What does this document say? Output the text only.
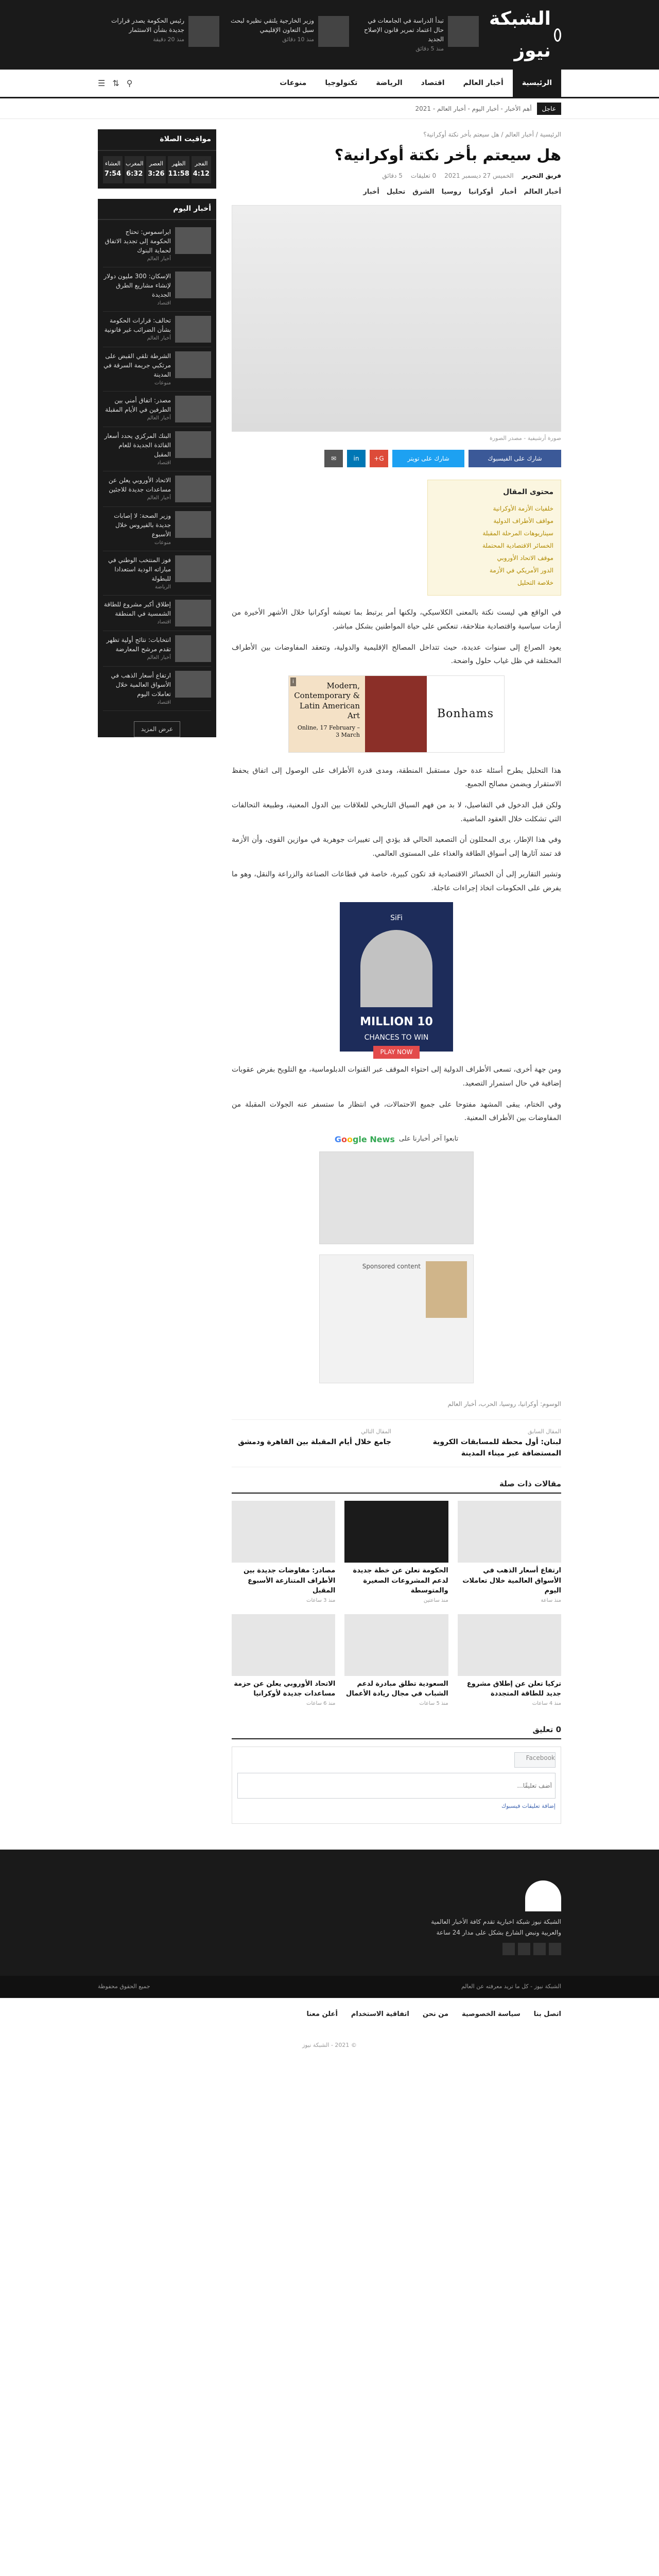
الشبكة نيوز
تبدأ الدراسة في الجامعات في حال اعتماد تمرير قانون الإصلاح الجديد
منذ 5 دقائق
وزير الخارجية يلتقي نظيره لبحث سبل التعاون الإقليمي
منذ 10 دقائق
رئيس الحكومة يصدر قرارات جديدة بشأن الاستثمار
منذ 20 دقيقة
الرئيسية
أخبار العالم
اقتصاد
الرياضة
تكنولوجيا
منوعات
⚲
⇅
☰
عاجل
أهم الأخبار - أخبار اليوم - أخبار العالم - 2021
الرئيسية / أخبار العالم / هل سيعتم بأخر نكتة أوكرانية؟
هل سيعتم بأخر نكتة أوكرانية؟
فريق التحرير
الخميس 27 ديسمبر 2021
0 تعليقات
5 دقائق
أخبار العالم
أخبار
أوكرانيا
روسيا
الشرق
تحليل
أخبار
صورة أرشيفية - مصدر الصورة
شارك على الفيسبوك
شارك على تويتر
G+
in
✉
محتوى المقال
خلفيات الأزمة الأوكرانية
مواقف الأطراف الدولية
سيناريوهات المرحلة المقبلة
الخسائر الاقتصادية المحتملة
موقف الاتحاد الأوروبي
الدور الأمريكي في الأزمة
خلاصة التحليل

في الواقع هي ليست نكتة بالمعنى الكلاسيكي، ولكنها أمر يرتبط بما تعيشه أوكرانيا خلال الأشهر الأخيرة من أزمات سياسية واقتصادية متلاحقة، تنعكس على حياة المواطنين بشكل مباشر.

يعود الصراع إلى سنوات عديدة، حيث تتداخل المصالح الإقليمية والدولية، وتتعقد المفاوضات بين الأطراف المختلفة في ظل غياب حلول واضحة.

Bonhams
Modern, Contemporary & Latin American Art
Online, 17 February – 3 March
i

هذا التحليل يطرح أسئلة عدة حول مستقبل المنطقة، ومدى قدرة الأطراف على الوصول إلى اتفاق يحفظ الاستقرار ويضمن مصالح الجميع.

ولكن قبل الدخول في التفاصيل، لا بد من فهم السياق التاريخي للعلاقات بين الدول المعنية، وطبيعة التحالفات التي تشكلت خلال العقود الماضية.

وفي هذا الإطار، يرى المحللون أن التصعيد الحالي قد يؤدي إلى تغييرات جوهرية في موازين القوى، وأن الأزمة قد تمتد آثارها إلى أسواق الطاقة والغذاء على المستوى العالمي.

وتشير التقارير إلى أن الخسائر الاقتصادية قد تكون كبيرة، خاصة في قطاعات الصناعة والزراعة والنقل، وهو ما يفرض على الحكومات اتخاذ إجراءات عاجلة.

SiFi
10 MILLION
CHANCES TO WIN
PLAY NOW

ومن جهة أخرى، تسعى الأطراف الدولية إلى احتواء الموقف عبر القنوات الدبلوماسية، مع التلويح بفرض عقوبات إضافية في حال استمرار التصعيد.

وفي الختام، يبقى المشهد مفتوحا على جميع الاحتمالات، في انتظار ما ستسفر عنه الجولات المقبلة من المفاوضات بين الأطراف المعنية.

تابعوا آخر أخبارنا على
Google News
Sponsored content
الوسوم: أوكرانيا، روسيا، الحرب، أخبار العالم
المقال السابق
لبنان: أول محطة للمسابقات الكروية المستضافة عبر ميناء المدينة
المقال التالي
جامع خلال أيام المقبلة بين القاهرة ودمشق
مقالات ذات صلة
ارتفاع أسعار الذهب في الأسواق العالمية خلال تعاملات اليوم
منذ ساعة
الحكومة تعلن عن خطة جديدة لدعم المشروعات الصغيرة والمتوسطة
منذ ساعتين
مصادر: مفاوضات جديدة بين الأطراف المتنازعة الأسبوع المقبل
منذ 3 ساعات
تركيا تعلن عن إطلاق مشروع جديد للطاقة المتجددة
منذ 4 ساعات
السعودية تطلق مبادرة لدعم الشباب في مجال ريادة الأعمال
منذ 5 ساعات
الاتحاد الأوروبي يعلن عن حزمة مساعدات جديدة لأوكرانيا
منذ 6 ساعات
0 تعليق
Facebook
أضف تعليقًا...
إضافة تعليقات فيسبوك
مواقيت الصلاة
الفجر
4:12
الظهر
11:58
العصر
3:26
المغرب
6:32
العشاء
7:54
أخبار اليوم
ايراسموس: تحتاج الحكومة إلى تجديد الاتفاق لحماية البنوك
أخبار العالم
الإسكان: 300 مليون دولار لإنشاء مشاريع الطرق الجديدة
اقتصاد
تحالف: قرارات الحكومة بشأن الضرائب غير قانونية
أخبار العالم
الشرطة تلقي القبض على مرتكبي جريمة السرقة في المدينة
منوعات
مصدر: اتفاق أمني بين الطرفين في الأيام المقبلة
أخبار العالم
البنك المركزي يحدد أسعار الفائدة الجديدة للعام المقبل
اقتصاد
الاتحاد الأوروبي يعلن عن مساعدات جديدة للاجئين
أخبار العالم
وزير الصحة: لا إصابات جديدة بالفيروس خلال الأسبوع
منوعات
فوز المنتخب الوطني في مباراته الودية استعدادا للبطولة
الرياضة
إطلاق أكبر مشروع للطاقة الشمسية في المنطقة
اقتصاد
انتخابات: نتائج أولية تظهر تقدم مرشح المعارضة
أخبار العالم
ارتفاع أسعار الذهب في الأسواق العالمية خلال تعاملات اليوم
اقتصاد
عرض المزيد
الشبكة نيوز شبكة اخبارية تقدم كافة الأخبار العالمية والعربية ونبض الشارع بشكل على مدار 24 ساعة
الشبكة نيوز - كل ما تريد معرفته عن العالم
جميع الحقوق محفوظة
اتصل بنا
سياسة الخصوصية
من نحن
اتفاقية الاستخدام
أعلن معنا
© 2021 - الشبكة نيوز
